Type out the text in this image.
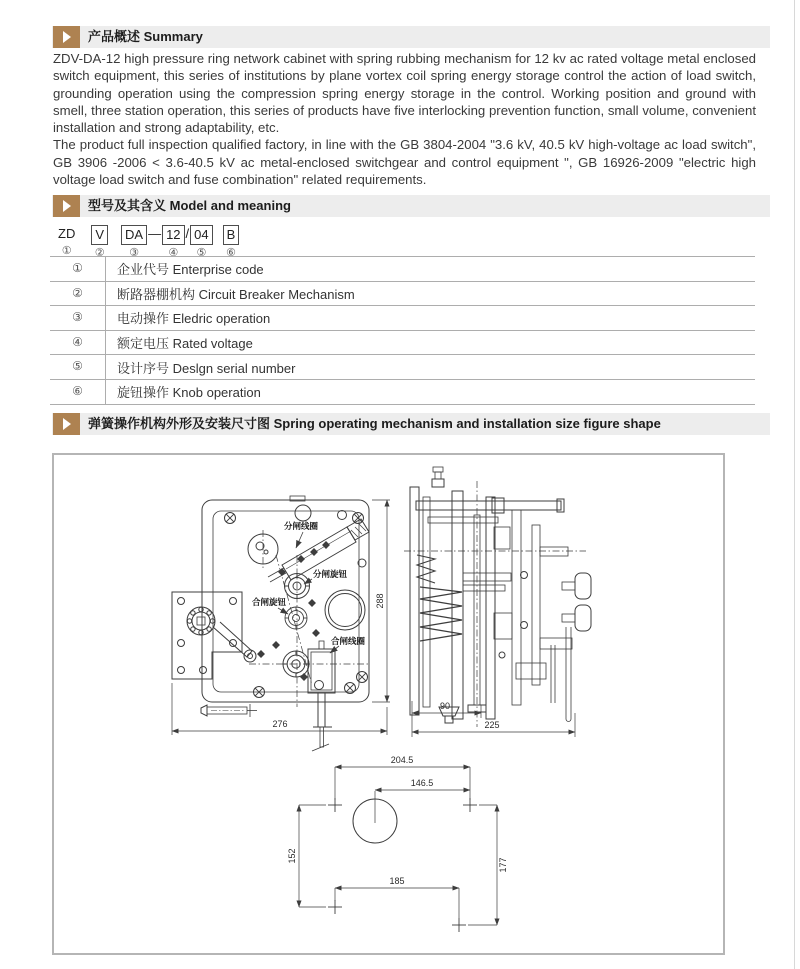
产品概述 Summary

ZDV-DA-12 high pressure ring network cabinet with spring rubbing mechanism for 12 kv ac rated voltage metal enclosed switch equipment, this series of institutions by plane vortex coil spring energy storage control the action of load switch, grounding operation using the compression spring energy storage in the control. Working position and ground with smell, three station operation, this series of products have five interlocking prevention function, small volume, convenient installation and strong adaptability, etc.

The product full inspection qualified factory, in line with the GB 3804-2004 "3.6 kV, 40.5 kV high-voltage ac load switch", GB 3906 -2006 < 3.6-40.5 kV ac metal-enclosed switchgear and control equipment ", GB 16926-2009 "electric high voltage load switch and fuse combination" related requirements.

型号及其含义 Model and meaning
ZD
①
V
②
DA
③
— 12
④
/ 04
⑤
B
⑥
①	企业代号 Enterprise code
②	断路器棚机构 Circuit Breaker Mechanism
③	电动操作 Eledric operation
④	额定电压 Rated voltage
⑤	设计序号 Deslgn serial number
⑥	旋钮操作 Knob operation
弹簧操作机构外形及安装尺寸图 Spring operating mechanism and installation size figure shape
288
276
分闸线圈
分闸旋钮
合闸旋钮
合闸线圈
90
225
204.5
146.5
152
177
185
